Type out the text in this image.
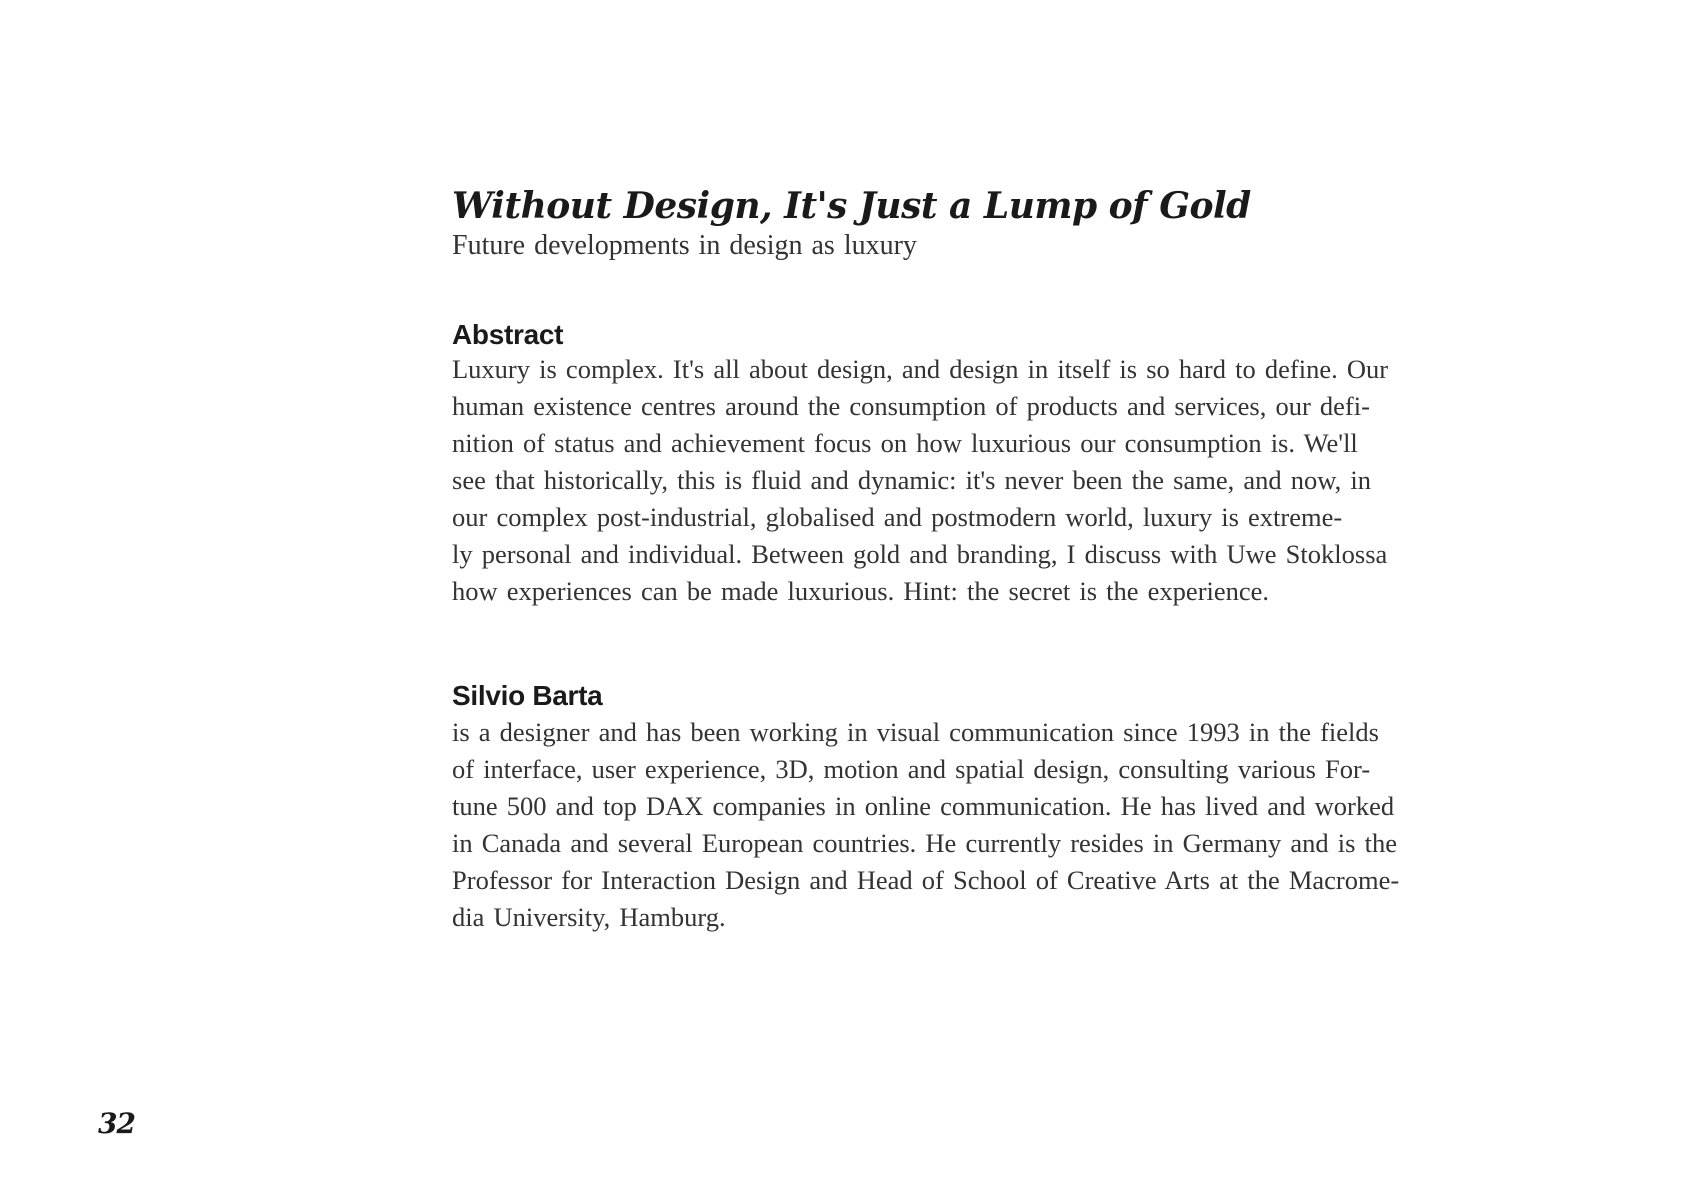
Without Design, It's Just a Lump of Gold
Future developments in design as luxury
Abstract
Luxury is complex. It's all about design, and design in itself is so hard to define. Our
human existence centres around the consumption of products and services, our defi-
nition of status and achievement focus on how luxurious our consumption is. We'll
see that historically, this is fluid and dynamic: it's never been the same, and now, in
our complex post-industrial, globalised and postmodern world, luxury is extreme-
ly personal and individual. Between gold and branding, I discuss with Uwe Stoklossa
how experiences can be made luxurious. Hint: the secret is the experience.
Silvio Barta
is a designer and has been working in visual communication since 1993 in the fields
of interface, user experience, 3D, motion and spatial design, consulting various For-
tune 500 and top DAX companies in online communication. He has lived and worked
in Canada and several European countries. He currently resides in Germany and is the
Professor for Interaction Design and Head of School of Creative Arts at the Macrome-
dia University, Hamburg.
32
